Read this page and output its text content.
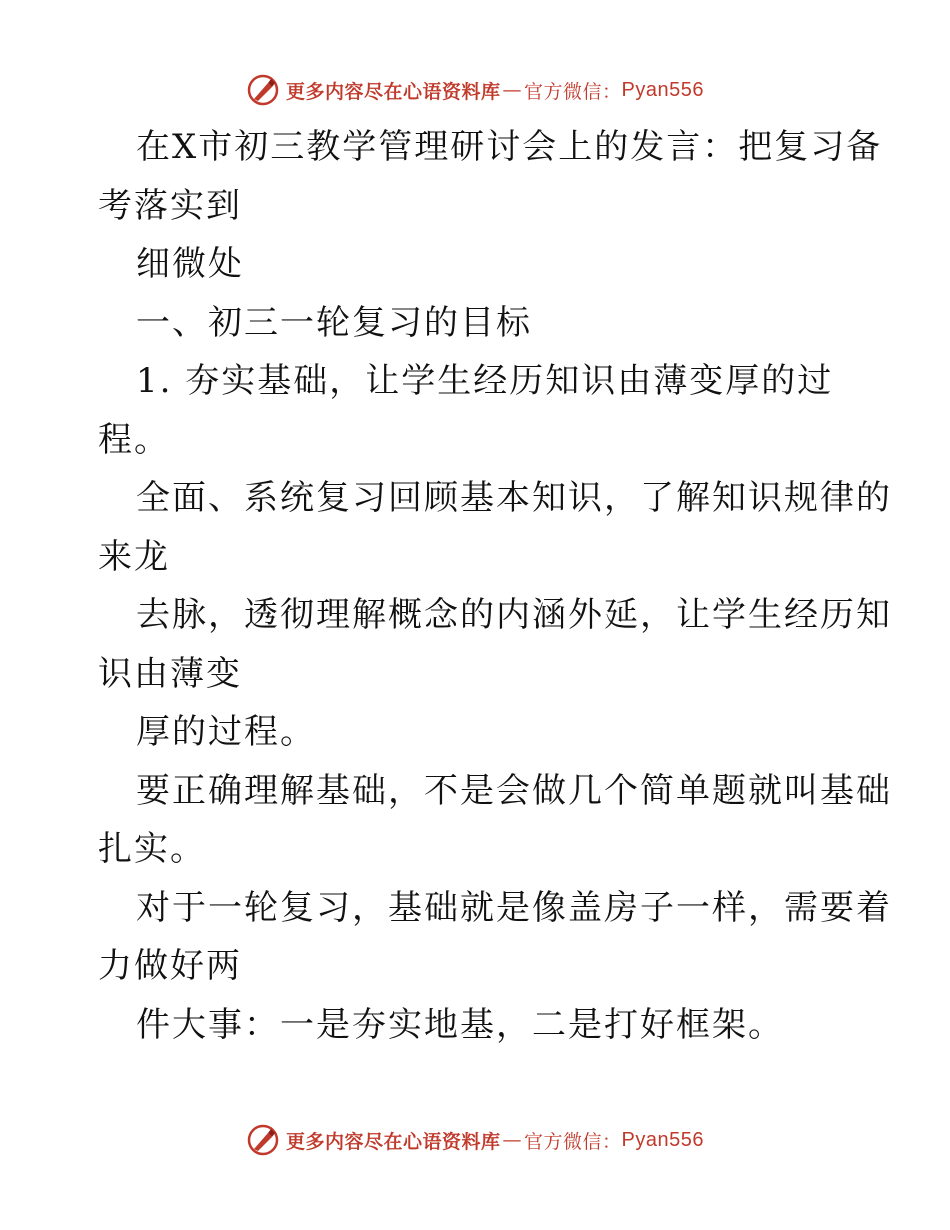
更多内容尽在心语资料库 — 官方微信： Pyan556
在X市初三教学管理研讨会上的发言：把复习备
考落实到
细微处
一、初三一轮复习的目标
1. 夯实基础，让学生经历知识由薄变厚的过
程。
全面、系统复习回顾基本知识，了解知识规律的
来龙
去脉，透彻理解概念的内涵外延，让学生经历知
识由薄变
厚的过程。
要正确理解基础，不是会做几个简单题就叫基础
扎实。
对于一轮复习，基础就是像盖房子一样，需要着
力做好两
件大事：一是夯实地基，二是打好框架。
更多内容尽在心语资料库 — 官方微信： Pyan556
